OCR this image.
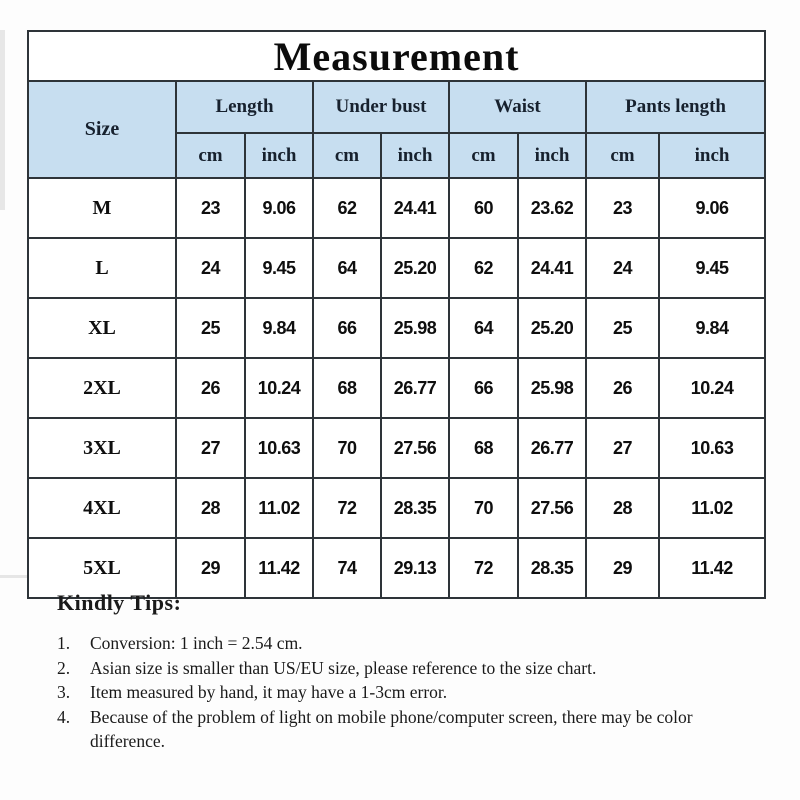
Measurement								
Size	Length		Under bust		Waist		Pants length	
	cm	inch	cm	inch	cm	inch	cm	inch
M	23	9.06	62	24.41	60	23.62	23	9.06
L	24	9.45	64	25.20	62	24.41	24	9.45
XL	25	9.84	66	25.98	64	25.20	25	9.84
2XL	26	10.24	68	26.77	66	25.98	26	10.24
3XL	27	10.63	70	27.56	68	26.77	27	10.63
4XL	28	11.02	72	28.35	70	27.56	28	11.02
5XL	29	11.42	74	29.13	72	28.35	29	11.42
Kindly Tips:
1.	Conversion: 1 inch = 2.54 cm.
2.	Asian size is smaller than US/EU size, please reference to the size chart.
3.	Item measured by hand, it may have a 1-3cm error.
4.	Because of the problem of light on mobile phone/computer screen, there may be color difference.
